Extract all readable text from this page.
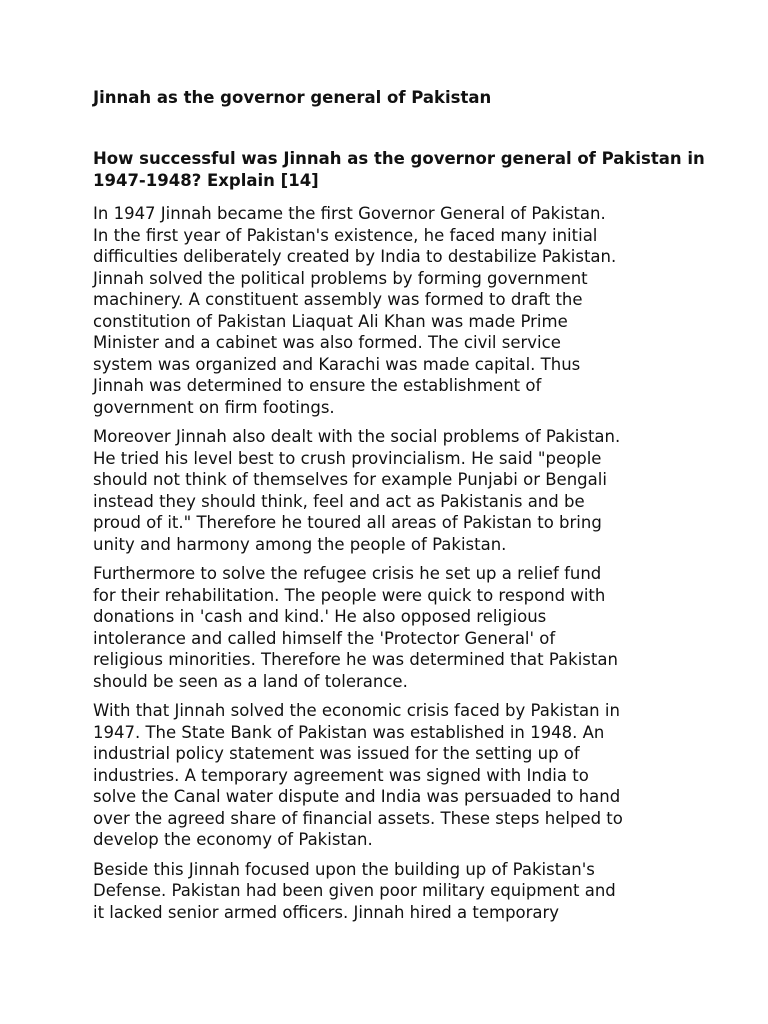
Jinnah as the governor general of Pakistan
How successful was Jinnah as the governor general of Pakistan in 1947-1948? Explain [14]

In 1947 Jinnah became the first Governor General of Pakistan.
In the first year of Pakistan's existence, he faced many initial
difficulties deliberately created by India to destabilize Pakistan.
Jinnah solved the political problems by forming government
machinery. A constituent assembly was formed to draft the
constitution of Pakistan Liaquat Ali Khan was made Prime
Minister and a cabinet was also formed. The civil service
system was organized and Karachi was made capital. Thus
Jinnah was determined to ensure the establishment of
government on firm footings.

Moreover Jinnah also dealt with the social problems of Pakistan.
He tried his level best to crush provincialism. He said "people
should not think of themselves for example Punjabi or Bengali
instead they should think, feel and act as Pakistanis and be
proud of it." Therefore he toured all areas of Pakistan to bring
unity and harmony among the people of Pakistan.

Furthermore to solve the refugee crisis he set up a relief fund
for their rehabilitation. The people were quick to respond with
donations in 'cash and kind.' He also opposed religious
intolerance and called himself the 'Protector General' of
religious minorities. Therefore he was determined that Pakistan
should be seen as a land of tolerance.

With that Jinnah solved the economic crisis faced by Pakistan in
1947. The State Bank of Pakistan was established in 1948. An
industrial policy statement was issued for the setting up of
industries. A temporary agreement was signed with India to
solve the Canal water dispute and India was persuaded to hand
over the agreed share of financial assets. These steps helped to
develop the economy of Pakistan.

Beside this Jinnah focused upon the building up of Pakistan's
Defense. Pakistan had been given poor military equipment and
it lacked senior armed officers. Jinnah hired a temporary
